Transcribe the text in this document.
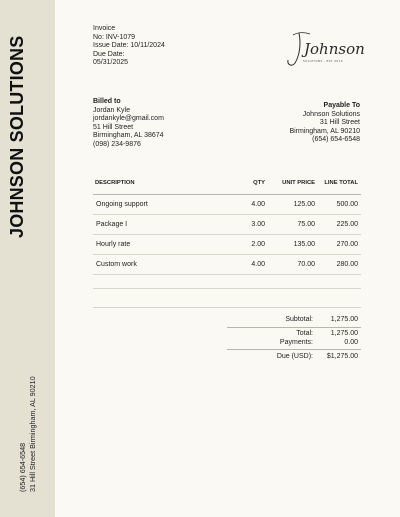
JOHNSON SOLUTIONS
(654) 654-6548 31 Hill Street Birmingham, AL 90210
Invoice
No: INV-1079
Issue Date: 10/11/2024
Due Date:
05/31/2025
Johnson
SOLUTIONS · EST 2010
Billed to
Jordan Kyle
jordankyle@gmail.com
51 Hill Street
Birmingham, AL 38674
(098) 234-9876
Payable To
Johnson Solutions
31 Hill Street
Birmingham, AL 90210
(654) 654-6548
DESCRIPTION	QTY	UNIT PRICE	LINE TOTAL
Ongoing support	4.00	125.00	500.00
Package I	3.00	75.00	225.00
Hourly rate	2.00	135.00	270.00
Custom work	4.00	70.00	280.00
Subtotal:	1,275.00
Total:	1,275.00
Payments:	0.00
Due (USD):	$1,275.00
